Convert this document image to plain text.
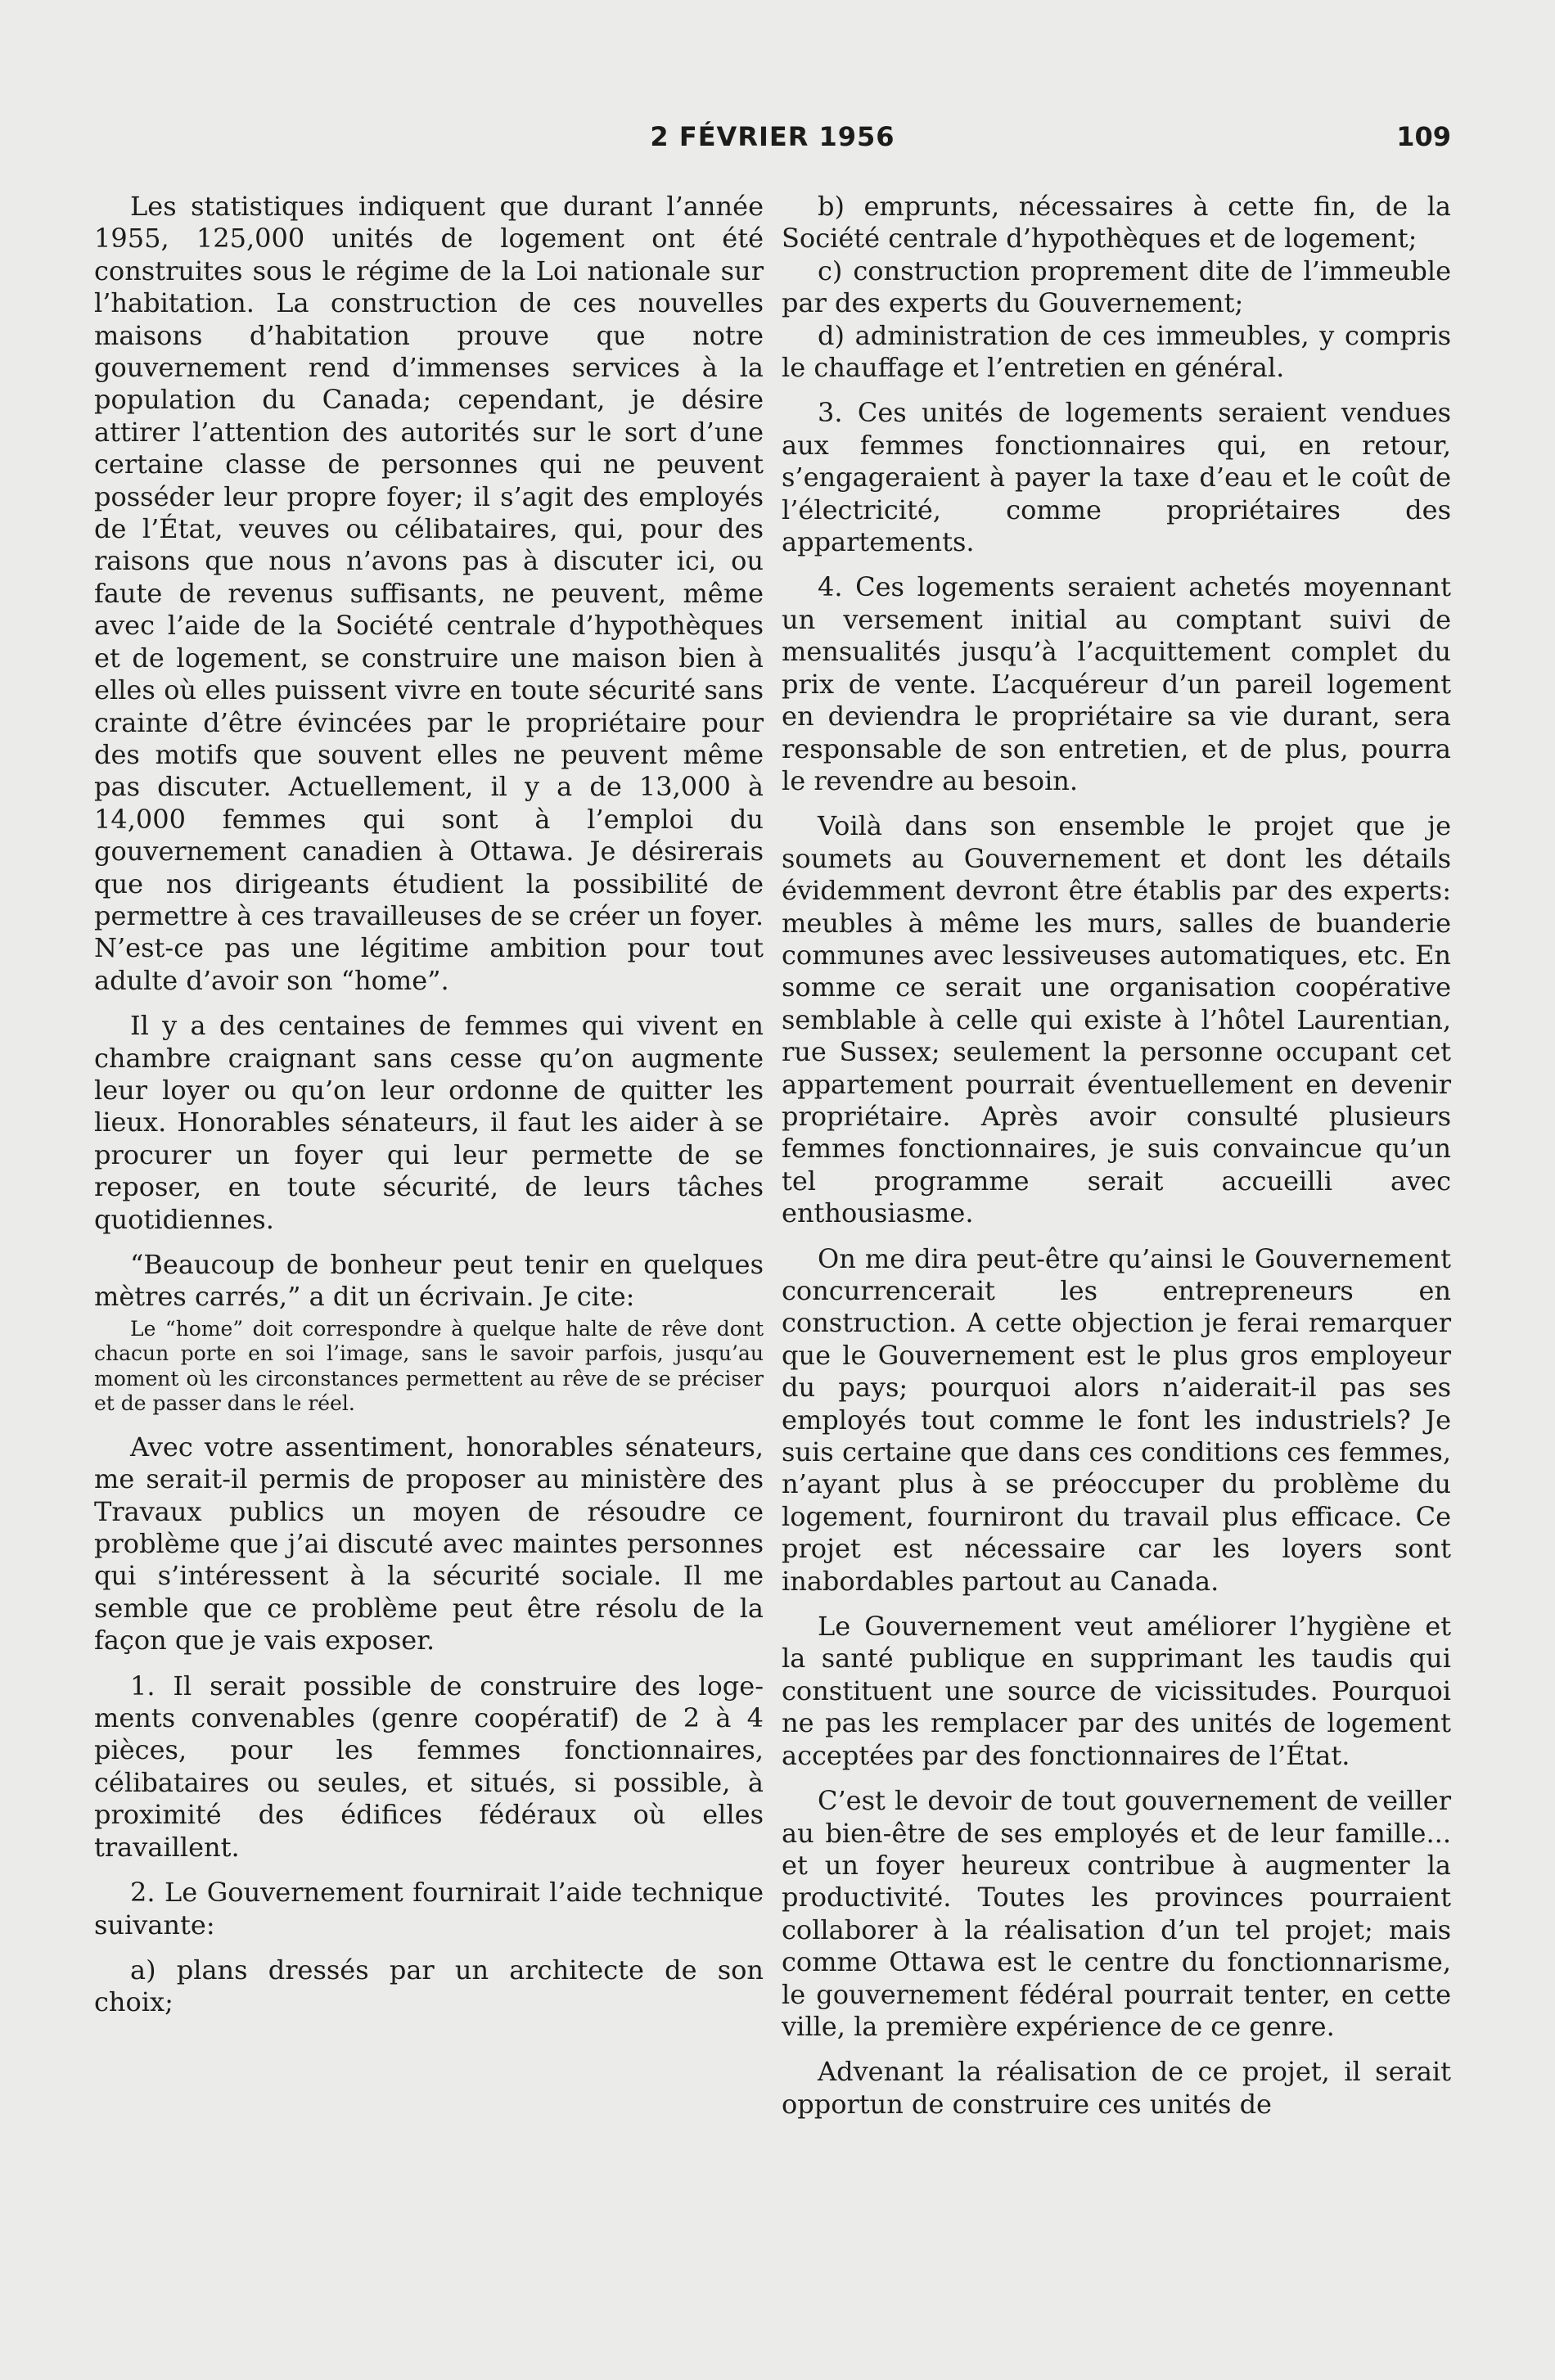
2 FÉVRIER 1956	109

Les statistiques indiquent que durant l’année 1955, 125,000 unités de logement ont été construites sous le régime de la Loi nationale sur l’habitation. La construction de ces nouvelles maisons d’habitation prouve que notre gouvernement rend d’immenses services à la population du Canada; cependant, je désire attirer l’attention des autorités sur le sort d’une certaine classe de personnes qui ne peuvent posséder leur propre foyer; il s’agit des employés de l’État, veuves ou célibataires, qui, pour des raisons que nous n’avons pas à discuter ici, ou faute de revenus suffisants, ne peuvent, même avec l’aide de la Société centrale d’hypothèques et de logement, se construire une maison bien à elles où elles puissent vivre en toute sécurité sans crainte d’être évincées par le propriétaire pour des motifs que souvent elles ne peuvent même pas discuter. Actuellement, il y a de 13,000 à 14,000 femmes qui sont à l’emploi du gouvernement canadien à Ottawa. Je désirerais que nos dirigeants étudient la possibilité de permettre à ces travailleuses de se créer un foyer. N’est-ce pas une légitime ambition pour tout adulte d’avoir son “home”.

Il y a des centaines de femmes qui vivent en chambre craignant sans cesse qu’on augmente leur loyer ou qu’on leur ordonne de quitter les lieux. Honorables sénateurs, il faut les aider à se procurer un foyer qui leur permette de se reposer, en toute sécurité, de leurs tâches quotidiennes.

“Beaucoup de bonheur peut tenir en quelques mètres carrés,” a dit un écrivain. Je cite:

Le “home” doit correspondre à quelque halte de rêve dont chacun porte en soi l’image, sans le savoir parfois, jusqu’au moment où les circonstances permettent au rêve de se préciser et de passer dans le réel.

Avec votre assentiment, honorables sénateurs, me serait-il permis de proposer au ministère des Travaux publics un moyen de résoudre ce problème que j’ai discuté avec maintes personnes qui s’intéressent à la sécurité sociale. Il me semble que ce problème peut être résolu de la façon que je vais exposer.

1. Il serait possible de construire des logements convenables (genre coopératif) de 2 à 4 pièces, pour les femmes fonctionnaires, célibataires ou seules, et situés, si possible, à proximité des édifices fédéraux où elles travaillent.

2. Le Gouvernement fournirait l’aide technique suivante:

a) plans dressés par un architecte de son choix;

b) emprunts, nécessaires à cette fin, de la Société centrale d’hypothèques et de logement;

c) construction proprement dite de l’immeuble par des experts du Gouvernement;

d) administration de ces immeubles, y compris le chauffage et l’entretien en général.

3. Ces unités de logements seraient vendues aux femmes fonctionnaires qui, en retour, s’engageraient à payer la taxe d’eau et le coût de l’électricité, comme propriétaires des appartements.

4. Ces logements seraient achetés moyennant un versement initial au comptant suivi de mensualités jusqu’à l’acquittement complet du prix de vente. L’acquéreur d’un pareil logement en deviendra le propriétaire sa vie durant, sera responsable de son entretien, et de plus, pourra le revendre au besoin.

Voilà dans son ensemble le projet que je soumets au Gouvernement et dont les détails évidemment devront être établis par des experts: meubles à même les murs, salles de buanderie communes avec lessiveuses automatiques, etc. En somme ce serait une organisation coopérative semblable à celle qui existe à l’hôtel Laurentian, rue Sussex; seulement la personne occupant cet appartement pourrait éventuellement en devenir propriétaire. Après avoir consulté plusieurs femmes fonctionnaires, je suis convaincue qu’un tel programme serait accueilli avec enthousiasme.

On me dira peut-être qu’ainsi le Gouvernement concurrencerait les entrepreneurs en construction. A cette objection je ferai remarquer que le Gouvernement est le plus gros employeur du pays; pourquoi alors n’aiderait-il pas ses employés tout comme le font les industriels? Je suis certaine que dans ces conditions ces femmes, n’ayant plus à se préoccuper du problème du logement, fourniront du travail plus efficace. Ce projet est nécessaire car les loyers sont inabordables partout au Canada.

Le Gouvernement veut améliorer l’hygiène et la santé publique en supprimant les taudis qui constituent une source de vicissitudes. Pourquoi ne pas les remplacer par des unités de logement acceptées par des fonctionnaires de l’État.

C’est le devoir de tout gouvernement de veiller au bien-être de ses employés et de leur famille... et un foyer heureux contribue à augmenter la productivité. Toutes les provinces pourraient collaborer à la réalisation d’un tel projet; mais comme Ottawa est le centre du fonctionnarisme, le gouvernement fédéral pourrait tenter, en cette ville, la première expérience de ce genre.

Advenant la réalisation de ce projet, il serait opportun de construire ces unités de
